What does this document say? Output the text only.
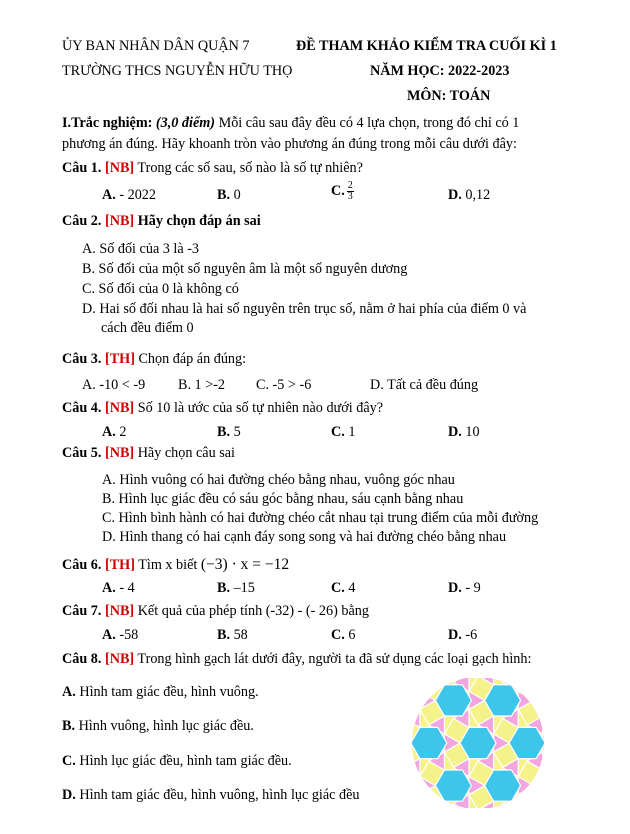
ỦY BAN NHÂN DÂN QUẬN 7	ĐỀ THAM KHẢO KIỂM TRA CUỐI KÌ 1
TRƯỜNG THCS NGUYỄN HỮU THỌ	NĂM HỌC: 2022-2023
MÔN: TOÁN
I.Trắc nghiệm: (3,0 điểm) Mỗi câu sau đây đều có 4 lựa chọn, trong đó chỉ có 1
phương án đúng. Hãy khoanh tròn vào phương án đúng trong mỗi câu dưới đây:
Câu 1. [NB] Trong các số sau, số nào là số tự nhiên?
A. - 2022	B. 0	C. $\frac{2}{3}$	D. 0,12
Câu 2. [NB] Hãy chọn đáp án sai
A. Số đối của 3 là -3
B. Số đối của một số nguyên âm là một số nguyên dương
C. Số đối của 0 là không có
D. Hai số đối nhau là hai số nguyên trên trục số, nằm ở hai phía của điểm 0 và
cách đều điểm 0
Câu 3. [TH] Chọn đáp án đúng:
A. -10 < -9 B. 1 >-2 C. -5 > -6	D. Tất cả đều đúng
Câu 4. [NB] Số 10 là ước của số tự nhiên nào dưới đây?
A. 2	B. 5	C. 1	D. 10
Câu 5. [NB] Hãy chọn câu sai
A. Hình vuông có hai đường chéo bằng nhau, vuông góc nhau
B. Hình lục giác đều có sáu góc bằng nhau, sáu cạnh bằng nhau
C. Hình bình hành có hai đường chéo cắt nhau tại trung điểm của mỗi đường
D. Hình thang có hai cạnh đáy song song và hai đường chéo bằng nhau
Câu 6. [TH] Tìm x biết (−3) · x = −12
A. - 4	B. –15	C. 4	D. - 9
Câu 7. [NB] Kết quả của phép tính (-32) - (- 26) bằng
A. -58	B. 58	C. 6	D. -6
Câu 8. [NB] Trong hình gạch lát dưới đây, người ta đã sử dụng các loại gạch hình:
A. Hình tam giác đều, hình vuông.
B. Hình vuông, hình lục giác đều.
C. Hình lục giác đều, hình tam giác đều.
D. Hình tam giác đều, hình vuông, hình lục giác đều
